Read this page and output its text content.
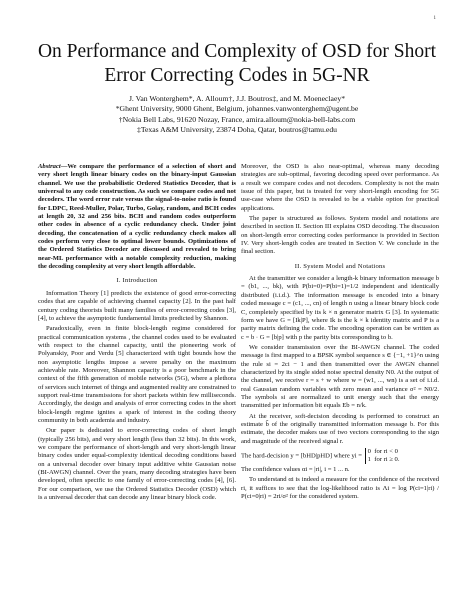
1
On Performance and Complexity of OSD for Short
Error Correcting Codes in 5G-NR
J. Van Wonterghem*, A. Alloum†, J.J. Boutros‡, and M. Moeneclaey*
*Ghent University, 9000 Ghent, Belgium, johannes.vanwonterghem@ugent.be
†Nokia Bell Labs, 91620 Nozay, France, amira.alloum@nokia-bell-labs.com
‡Texas A&M University, 23874 Doha, Qatar, boutros@tamu.edu

Abstract—We compare the performance of a selection of short and very short length linear binary codes on the binary-input Gaussian channel. We use the probabilistic Ordered Statistics Decoder, that is universal to any code construction. As such we compare codes and not decoders. The word error rate versus the signal-to-noise ratio is found for LDPC, Reed-Muller, Polar, Turbo, Golay, random, and BCH codes at length 20, 32 and 256 bits. BCH and random codes outperform other codes in absence of a cyclic redundancy check. Under joint decoding, the concatenation of a cyclic redundancy check makes all codes perform very close to optimal lower bounds. Optimizations of the Ordered Statistics Decoder are discussed and revealed to bring near-ML performance with a notable complexity reduction, making the decoding complexity at very short length affordable.

I. Introduction

Information Theory [1] predicts the existence of good error-correcting codes that are capable of achieving channel capacity [2]. In the past half century coding theorists built many families of error-correcting codes [3], [4], to achieve the asymptotic fundamental limits predicted by Shannon.

Paradoxically, even in finite block-length regime considered for practical communication systems , the channel codes used to be evaluated with respect to the channel capacity, until the pioneering work of Polyanskiy, Poor and Verdu [5] characterized with tight bounds how the non asymptotic lengths impose a severe penalty on the maximum achievable rate. Moreover, Shannon capacity is a poor benchmark in the context of the fifth generation of mobile networks (5G), where a plethora of services such internet of things and augmented reality are constrained to support real-time transmissions for short packets within few milliseconds. Accordingly, the design and analysis of error correcting codes in the short block-length regime ignites a spark of interest in the coding theory community in both academia and industry.

Our paper is dedicated to error-correcting codes of short length (typically 256 bits), and very short length (less than 32 bits). In this work, we compare the performance of short-length and very short-length linear binary codes under equal-complexity identical decoding conditions based on a universal decoder over binary input additive white Gaussian noise (BI-AWGN) channel. Over the years, many decoding strategies have been developed, often specific to one family of error-correcting codes [4], [6]. For our comparison, we use the Ordered Statistics Decoder (OSD) which is a universal decoder that can decode any linear binary block code.

Moreover, the OSD is also near-optimal, whereas many decoding strategies are sub-optimal, favoring decoding speed over performance. As a result we compare codes and not decoders. Complexity is not the main issue of this paper, but is treated for very short-length encoding for 5G use-case where the OSD is revealed to be a viable option for practical applications.

The paper is structured as follows. System model and notations are described in section II. Section III explains OSD decoding. The discussion on short-length error correcting codes performance is provided in Section IV. Very short-length codes are treated in Section V. We conclude in the final section.

II. System Model and Notations

At the transmitter we consider a length-k binary information message b = (b1, ..., bk), with P(bi=0)=P(bi=1)=1/2 independent and identically distributed (i.i.d.). The information message is encoded into a binary coded message c = (c1, ..., cn) of length n using a linear binary block code C, completely specified by its k × n generator matrix G [3]. In systematic form we have G = [Ik|P], where Ik is the k × k identity matrix and P is a parity matrix defining the code. The encoding operation can be written as c = b · G = [b|p] with p the parity bits corresponding to b.

We consider transmission over the BI-AWGN channel. The coded message is first mapped to a BPSK symbol sequence s ∈ {−1, +1}^n using the rule si = 2ci − 1 and then transmitted over the AWGN channel characterized by its single sided noise spectral density N0. At the output of the channel, we receive r = s + w where w = (w1, ..., wn) is a set of i.i.d. real Gaussian random variables with zero mean and variance σ² = N0/2. The symbols si are normalized to unit energy such that the energy transmitted per information bit equals Eb = n/k.

At the receiver, soft-decision decoding is performed to construct an estimate b̂ of the originally transmitted information message b. For this estimate, the decoder makes use of two vectors corresponding to the sign and magnitude of the received signal r.

The hard-decision y = [bHD|pHD] where yi = 0 for ri < 0
1 for ri ≥ 0.

The confidence values αi = |ri|, i = 1 ... n.

To understand αi is indeed a measure for the confidence of the received ri, it suffices to see that the log-likelihood ratio is Λi = log P(ci=1|ri) / P(ci=0|ri) = 2ri/σ² for the considered system.
